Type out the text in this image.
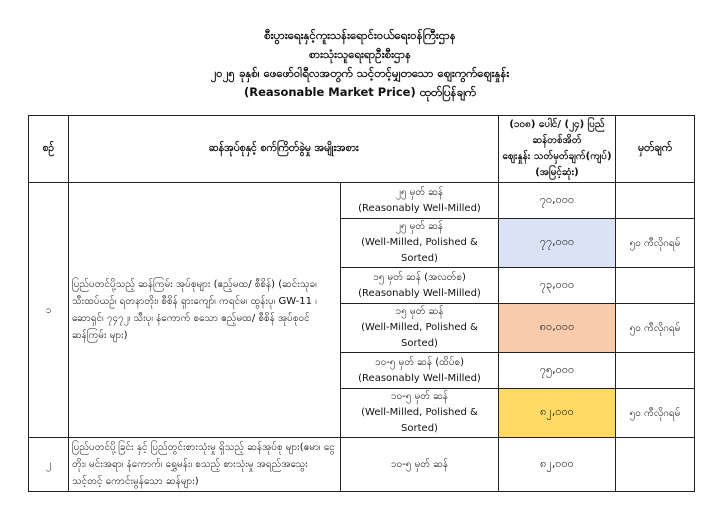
စီးပွားရေးနှင့်ကူးသန်းရောင်းဝယ်ရေးဝန်ကြီးဌာန
စားသုံးသူရေးရာဦးစီးဌာန
၂၀၂၅ ခုနှစ်၊ ဖေဖော်ဝါရီလအတွက် သင့်တင့်မျှတသော ဈေးကွက်ဈေးနှုန်း
(Reasonable Market Price) ထုတ်ပြန်ချက်
စဉ်	ဆန်အုပ်စုနှင့် စက်ကြိတ်ခွဲမှု အမျိုးအစား		(၁၀၈) ပေါင်/ (၂၄) ပြည်
ဆန်တစ်အိတ်
ဈေးနှုန်း သတ်မှတ်ချက်(ကျပ်)
(အမြင့်ဆုံး)	မှတ်ချက်
၁	ပြည်ပတင်ပို့သည့် ဆန်ကြမ်း အုပ်စုများ (ဧည့်မထ/ စီစိန်) (ဆင်းသုခ၊ သီးထပ်ယဉ်၊ ရတနာတိုး၊ စီစိန် ရှားကျော်၊ ကရင်မ၊ ထွန်းပု၊ GW-11 ၊ ဆောရှင်၊ ၇၄၇၂၊ သီးပု၊ နံကောက် စသော ဧည့်မထ/ စီစိန် အုပ်စုဝင် ဆန်ကြမ်း များ)	၂၅ မှတ် ဆန်
(Reasonably Well-Milled)	၇၀,၀၀၀	

		၂၅ မှတ် ဆန်
(Well-Milled, Polished & Sorted)	၇၇,၀၀၀	၅၀ ကီလိုဂရမ်

		၁၅ မှတ် ဆန် (အလတ်စ)
(Reasonably Well-Milled)	၇၃,၀၀၀	

		၁၅ မှတ် ဆန်
(Well-Milled, Polished & Sorted)	၈၀,၀၀၀	၅၀ ကီလိုဂရမ်

		၁၀-၅ မှတ် ဆန် (ထိပ်စ)
(Reasonably Well-Milled)	၇၅,၀၀၀	

		၁၀-၅ မှတ် ဆန်
(Well-Milled, Polished & Sorted)	၈၂,၀၀၀	၅၀ ကီလိုဂရမ်
၂	ပြည်ပတင်ပို့ခြင်း နှင့် ပြည်တွင်းစားသုံးမှု ရှိသည့် ဆန်အုပ်စု များ(ဧမာ၊ ငွေတိုး၊ မင်းအရာ၊ နံကောက်၊ ရွှေမန်း၊ စသည့် စားသုံးမှု အရည်အသွေး သင့်တင့် ကောင်းမွန်သော ဆန်များ)	၁၀-၅ မှတ် ဆန်	၈၂,၀၀၀	
